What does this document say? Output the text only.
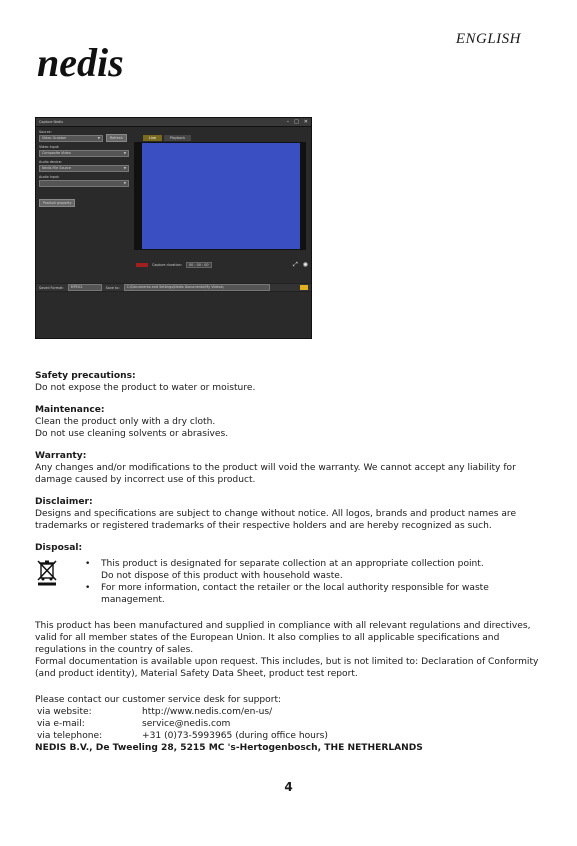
ENGLISH
nedis
Capture Nedis	– □ ✕
Source:
Video Grabber ▼	Refresh
Video input:
Composite Video ▼
Audio device:
Nedis File Source ▼
Audio input:
▼
Product property
Live	Playback
Capture duration:	00 : 00 : 00	⤢ ◉
Saved Format:	MPEG2	Save to:	C:\Documents and Settings\Nedis Documents\My Videos\

Safety precautions:

Do not expose the product to water or moisture.

Maintenance:

Clean the product only with a dry cloth.

Do not use cleaning solvents or abrasives.

Warranty:

Any changes and/or modifications to the product will void the warranty. We cannot accept any liability for damage caused by incorrect use of this product.

Disclaimer:

Designs and specifications are subject to change without notice. All logos, brands and product names are trademarks or registered trademarks of their respective holders and are hereby recognized as such.

Disposal:

• This product is designated for separate collection at an appropriate collection point.
Do not dispose of this product with household waste.
• For more information, contact the retailer or the local authority responsible for waste management.

This product has been manufactured and supplied in compliance with all relevant regulations and directives, valid for all member states of the European Union. It also complies to all applicable specifications and regulations in the country of sales.

Formal documentation is available upon request. This includes, but is not limited to: Declaration of Conformity (and product identity), Material Safety Data Sheet, product test report.

Please contact our customer service desk for support:

via website:	http://www.nedis.com/en-us/
via e-mail:	service@nedis.com
via telephone:	+31 (0)73-5993965 (during office hours)

NEDIS B.V., De Tweeling 28, 5215 MC 's-Hertogenbosch, THE NETHERLANDS

4
